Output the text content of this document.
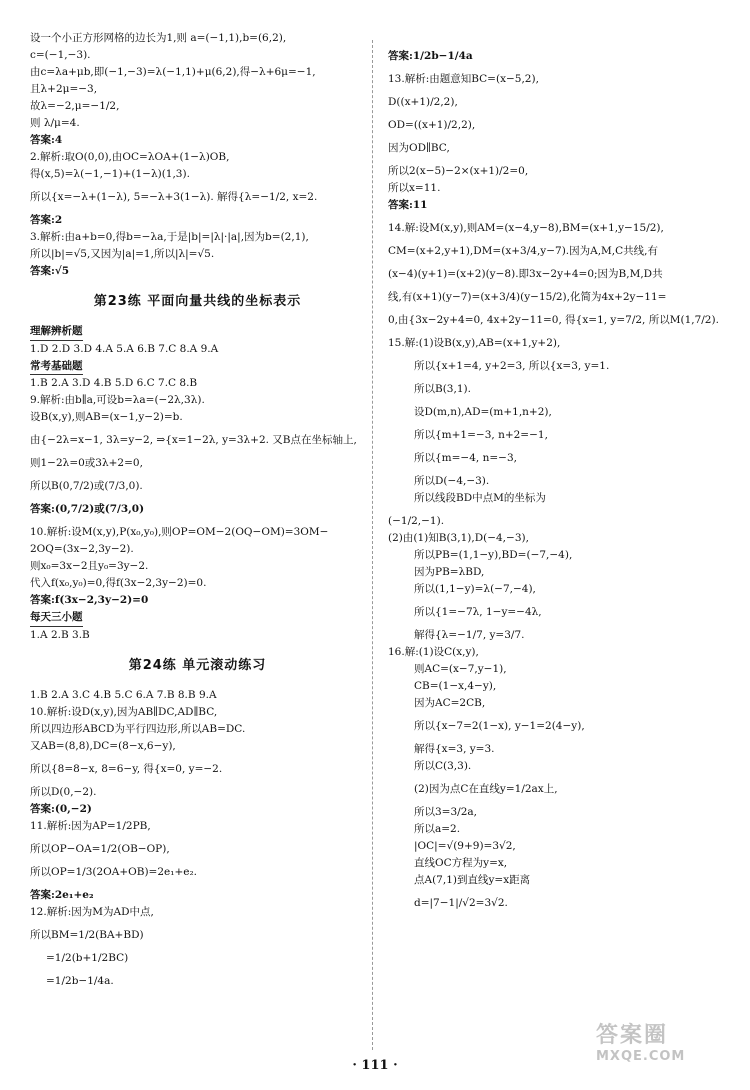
设一个小正方形网格的边长为1,则 a=(−1,1),b=(6,2),
c=(−1,−3).
由c=λa+μb,即(−1,−3)=λ(−1,1)+μ(6,2),得−λ+6μ=−1,
且λ+2μ=−3,
故λ=−2,μ=−1/2,
则 λ/μ=4.
答案:4
2.解析:取O(0,0),由OC=λOA+(1−λ)OB,
得(x,5)=λ(−1,−1)+(1−λ)(1,3).
所以{x=−λ+(1−λ), 5=−λ+3(1−λ). 解得{λ=−1/2, x=2.
答案:2
3.解析:由a+b=0,得b=−λa,于是|b|=|λ|·|a|,因为b=(2,1),
所以|b|=√5,又因为|a|=1,所以|λ|=√5.
答案:√5
第23练 平面向量共线的坐标表示
理解辨析题
1.D 2.D 3.D 4.A 5.A 6.B 7.C 8.A 9.A
常考基础题
1.B 2.A 3.D 4.B 5.D 6.C 7.C 8.B
9.解析:由b∥a,可设b=λa=(−2λ,3λ).
设B(x,y),则AB=(x−1,y−2)=b.
由{−2λ=x−1, 3λ=y−2, ⇒{x=1−2λ, y=3λ+2. 又B点在坐标轴上,
则1−2λ=0或3λ+2=0,
所以B(0,7/2)或(7/3,0).
答案:(0,7/2)或(7/3,0)
10.解析:设M(x,y),P(x₀,y₀),则OP=OM−2(OQ−OM)=3OM−
2OQ=(3x−2,3y−2).
则x₀=3x−2且y₀=3y−2.
代入f(x₀,y₀)=0,得f(3x−2,3y−2)=0.
答案:f(3x−2,3y−2)=0
每天三小题
1.A 2.B 3.B
第24练 单元滚动练习
1.B 2.A 3.C 4.B 5.C 6.A 7.B 8.B 9.A
10.解析:设D(x,y),因为AB∥DC,AD∥BC,
所以四边形ABCD为平行四边形,所以AB=DC.
又AB=(8,8),DC=(8−x,6−y),
所以{8=8−x, 8=6−y, 得{x=0, y=−2.
所以D(0,−2).
答案:(0,−2)
11.解析:因为AP=1/2PB,
所以OP−OA=1/2(OB−OP),
所以OP=1/3(2OA+OB)=2e₁+e₂.
答案:2e₁+e₂
12.解析:因为M为AD中点,
所以BM=1/2(BA+BD)
=1/2(b+1/2BC)
=1/2b−1/4a.
答案:1/2b−1/4a
13.解析:由题意知BC=(x−5,2),
D((x+1)/2,2),
OD=((x+1)/2,2),
因为OD∥BC,
所以2(x−5)−2×(x+1)/2=0,
所以x=11.
答案:11
14.解:设M(x,y),则AM=(x−4,y−8),BM=(x+1,y−15/2),
CM=(x+2,y+1),DM=(x+3/4,y−7).因为A,M,C共线,有
(x−4)(y+1)=(x+2)(y−8).即3x−2y+4=0;因为B,M,D共
线,有(x+1)(y−7)=(x+3/4)(y−15/2),化简为4x+2y−11=
0,由{3x−2y+4=0, 4x+2y−11=0, 得{x=1, y=7/2, 所以M(1,7/2).
15.解:(1)设B(x,y),AB=(x+1,y+2),
所以{x+1=4, y+2=3, 所以{x=3, y=1.
所以B(3,1).
设D(m,n),AD=(m+1,n+2),
所以{m+1=−3, n+2=−1,
所以{m=−4, n=−3,
所以D(−4,−3).
所以线段BD中点M的坐标为
(−1/2,−1).
(2)由(1)知B(3,1),D(−4,−3),
所以PB=(1,1−y),BD=(−7,−4),
因为PB=λBD,
所以(1,1−y)=λ(−7,−4),
所以{1=−7λ, 1−y=−4λ,
解得{λ=−1/7, y=3/7.
16.解:(1)设C(x,y),
则AC=(x−7,y−1),
CB=(1−x,4−y),
因为AC=2CB,
所以{x−7=2(1−x), y−1=2(4−y),
解得{x=3, y=3.
所以C(3,3).
(2)因为点C在直线y=1/2ax上,
所以3=3/2a,
所以a=2.
|OC|=√(9+9)=3√2,
直线OC方程为y=x,
点A(7,1)到直线y=x距离
d=|7−1|/√2=3√2.
· 111 ·
答案圈
MXQE.COM
